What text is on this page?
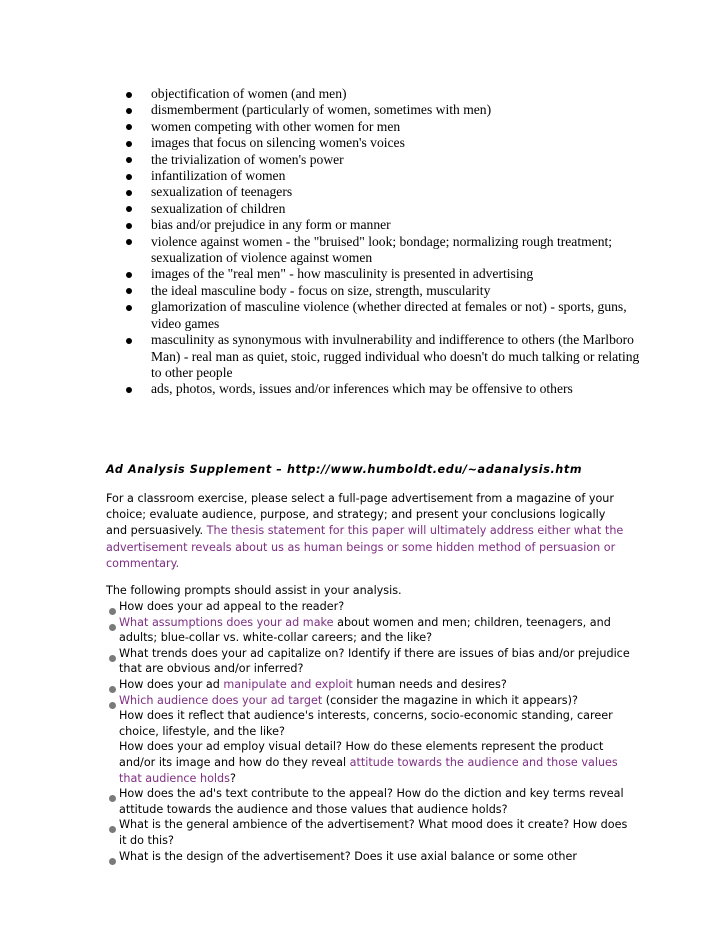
objectification of women (and men)
dismemberment (particularly of women, sometimes with men)
women competing with other women for men
images that focus on silencing women's voices
the trivialization of women's power
infantilization of women
sexualization of teenagers
sexualization of children
bias and/or prejudice in any form or manner
violence against women - the "bruised" look; bondage; normalizing rough treatment; sexualization of violence against women
images of the "real men" - how masculinity is presented in advertising
the ideal masculine body - focus on size, strength, muscularity
glamorization of masculine violence (whether directed at females or not) - sports, guns, video games
masculinity as synonymous with invulnerability and indifference to others (the Marlboro Man) - real man as quiet, stoic, rugged individual who doesn't do much talking or relating to other people
ads, photos, words, issues and/or inferences which may be offensive to others
Ad Analysis Supplement – http://www.humboldt.edu/~adanalysis.htm

For a classroom exercise, please select a full-page advertisement from a magazine of your choice; evaluate audience, purpose, and strategy; and present your conclusions logically and persuasively. The thesis statement for this paper will ultimately address either what the advertisement reveals about us as human beings or some hidden method of persuasion or commentary.

The following prompts should assist in your analysis.

How does your ad appeal to the reader?
What assumptions does your ad make about women and men; children, teenagers, and adults; blue-collar vs. white-collar careers; and the like?
What trends does your ad capitalize on? Identify if there are issues of bias and/or prejudice that are obvious and/or inferred?
How does your ad manipulate and exploit human needs and desires?
Which audience does your ad target (consider the magazine in which it appears)?
How does it reflect that audience's interests, concerns, socio-economic standing, career choice, lifestyle, and the like?
How does your ad employ visual detail? How do these elements represent the product and/or its image and how do they reveal attitude towards the audience and those values that audience holds?
How does the ad's text contribute to the appeal? How do the diction and key terms reveal attitude towards the audience and those values that audience holds?
What is the general ambience of the advertisement? What mood does it create? How does it do this?
What is the design of the advertisement? Does it use axial balance or some other
